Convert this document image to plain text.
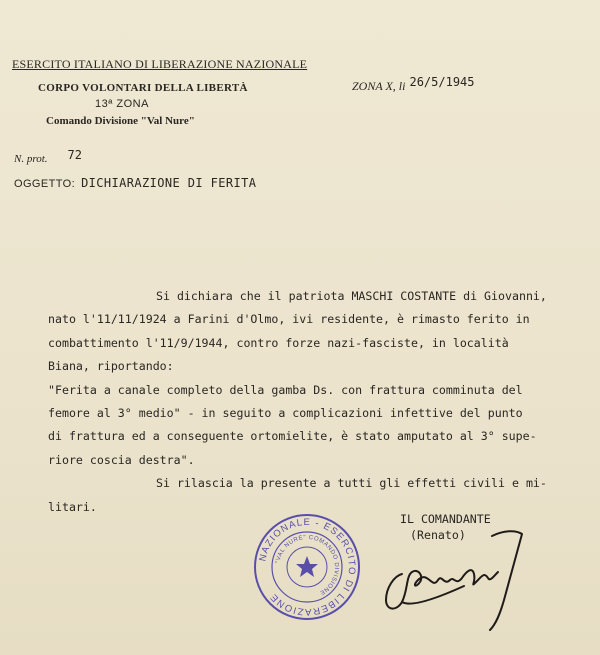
ESERCITO ITALIANO DI LIBERAZIONE NAZIONALE
CORPO VOLONTARI DELLA LIBERTÀ
13ª ZONA
Comando Divisione "Val Nure"
ZONA X, li 26/5/1945
N. prot. 72
OGGETTO: DICHIARAZIONE DI FERITA
Si dichiara che il patriota MASCHI COSTANTE di Giovanni,
nato l'11/11/1924 a Farini d'Olmo, ivi residente, è rimasto ferito in
combattimento l'11/9/1944, contro forze nazi-fasciste, in località
Biana, riportando:
"Ferita a canale completo della gamba Ds. con frattura comminuta del
femore al 3° medio" - in seguito a complicazioni infettive del punto
di frattura ed a conseguente ortomielite, è stato amputato al 3° supe-
riore coscia destra".
Si rilascia la presente a tutti gli effetti civili e mi-
litari.
NAZIONALE - ESERCITO DI LIBERAZIONE
"VAL NURE" COMANDO DIVISIONE
IL COMANDANTE
(Renato)
